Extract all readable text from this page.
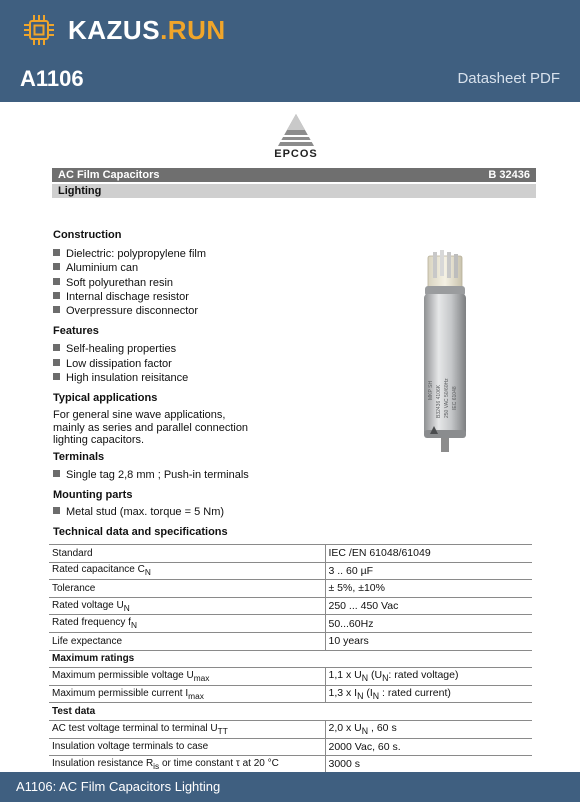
KAZUS.RUN
A1106	Datasheet PDF
EPCOS
AC Film Capacitors	B 32436
Lighting
Construction
Dielectric: polypropylene film
Aluminium can
Soft polyurethan resin
Internal dischage resistor
Overpressure disconnector
Features
Self-healing properties
Low dissipation factor
High insulation reisitance
Typical applications
For general sine wave applications,
mainly as series and parallel connection
lighting capacitors.
Terminals
Single tag 2,8 mm ; Push-in terminals
Mounting parts
Metal stud (max. torque = 5 Nm)
MKP SH B32436 4106K 250 VAC 50/60Hz IEC 61048
Technical data and specifications
Standard	IEC /EN 61048/61049
Rated capacitance $C_N$	3 .. 60 µF
Tolerance	± 5%, ±10%
Rated voltage $U_N$	250 ... 450 Vac
Rated frequency $f_N$	50...60Hz
Life expectance	10 years
Maximum ratings	
Maximum permissible voltage $U_{max}$	1,1 x $U_N$ ($U_N$: rated voltage)
Maximum permissible current $I_{max}$	1,3 x $I_N$ ($I_N$ : rated current)
Test data	
AC test voltage terminal to terminal $U_{TT}$	2,0 x $U_N$ , 60 s
Insulation voltage terminals to case	2000 Vac, 60 s.
Insulation resistance $R_{is}$ or time constant τ at 20 °C	3000 s
A1106: AC Film Capacitors Lighting
